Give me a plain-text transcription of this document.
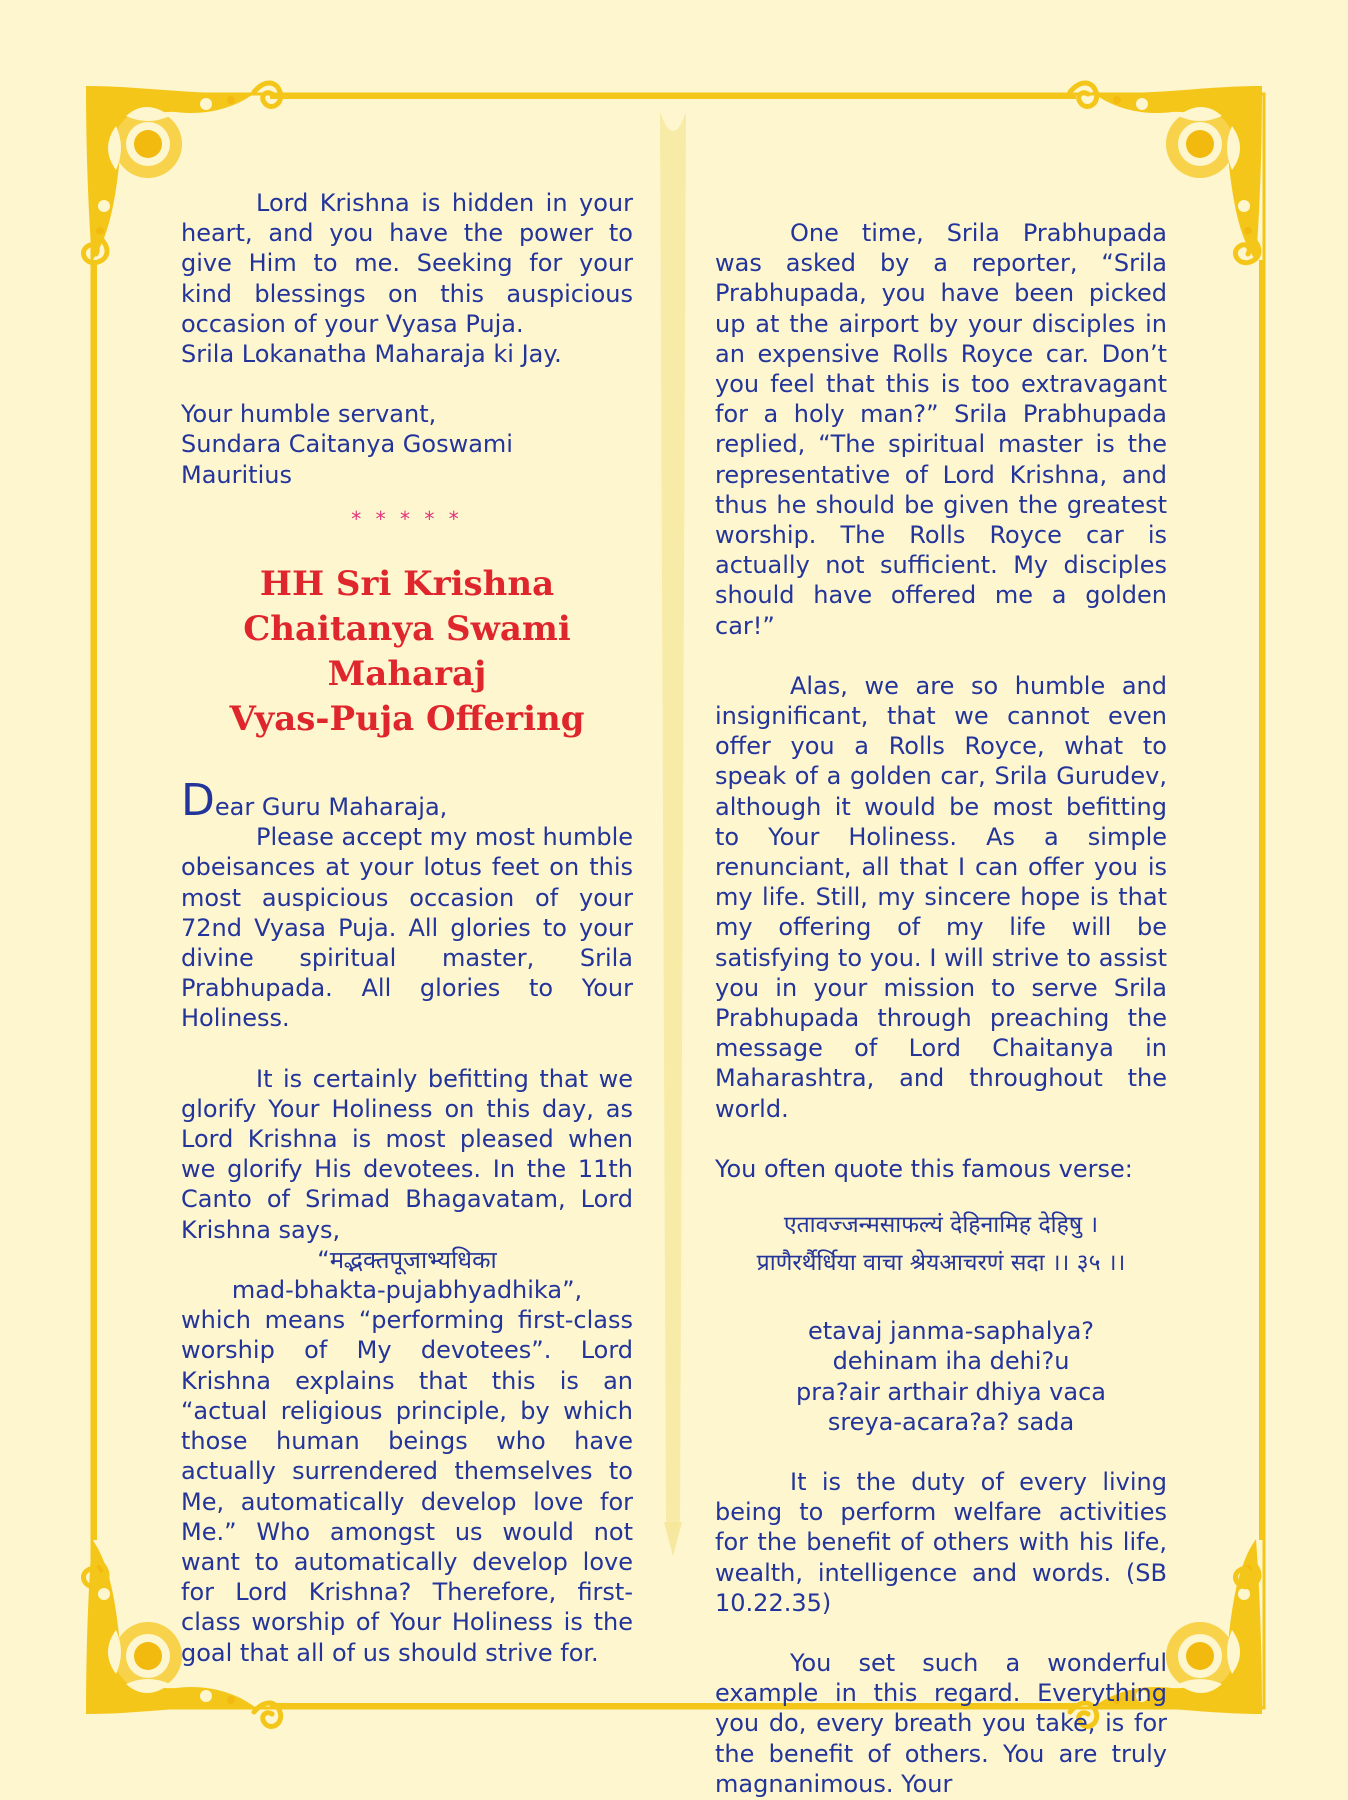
Lord Krishna is hidden in your heart, and you have the power to give Him to me. Seeking for your kind blessings on this auspicious occasion of your Vyasa Puja.

Srila Lokanatha Maharaja ki Jay.

Your humble servant,

Sundara Caitanya Goswami

Mauritius

* * * * *
HH Sri Krishna
Chaitanya Swami
Maharaj
Vyas-Puja Offering

Dear Guru Maharaja,

Please accept my most humble obeisances at your lotus feet on this most auspicious occasion of your 72nd Vyasa Puja. All glories to your divine spiritual master, Srila Prabhupada. All glories to Your Holiness.

It is certainly befitting that we glorify Your Holiness on this day, as Lord Krishna is most pleased when we glorify His devotees. In the 11th Canto of Srimad Bhagavatam, Lord Krishna says,

“मद्भक्तपूजाभ्यधिका

mad-bhakta-pujabhyadhika”,

which means “performing first-class worship of My devotees”. Lord Krishna explains that this is an “actual religious principle, by which those human beings who have actually surrendered themselves to Me, automatically develop love for Me.” Who amongst us would not want to automatically develop love for Lord Krishna? Therefore, first-class worship of Your Holiness is the goal that all of us should strive for.

One time, Srila Prabhupada was asked by a reporter, “Srila Prabhupada, you have been picked up at the airport by your disciples in an expensive Rolls Royce car. Don’t you feel that this is too extravagant for a holy man?” Srila Prabhupada replied, “The spiritual master is the representative of Lord Krishna, and thus he should be given the greatest worship. The Rolls Royce car is actually not sufficient. My disciples should have offered me a golden car!”

Alas, we are so humble and insignificant, that we cannot even offer you a Rolls Royce, what to speak of a golden car, Srila Gurudev, although it would be most befitting to Your Holiness. As a simple renunciant, all that I can offer you is my life. Still, my sincere hope is that my offering of my life will be satisfying to you. I will strive to assist you in your mission to serve Srila Prabhupada through preaching the message of Lord Chaitanya in Maharashtra, and throughout the world.

You often quote this famous verse:

एतावज्जन्मसाफल्यं देहिनामिह देहिषु ।

प्राणैरर्थैर्धिया वाचा श्रेयआचरणं सदा ।। ३५ ।।

etavaj janma-saphalya?

dehinam iha dehi?u

pra?air arthair dhiya vaca

sreya-acara?a? sada

It is the duty of every living being to perform welfare activities for the benefit of others with his life, wealth, intelligence and words. (SB 10.22.35)

You set such a wonderful example in this regard. Everything you do, every breath you take, is for the benefit of others. You are truly magnanimous. Your
